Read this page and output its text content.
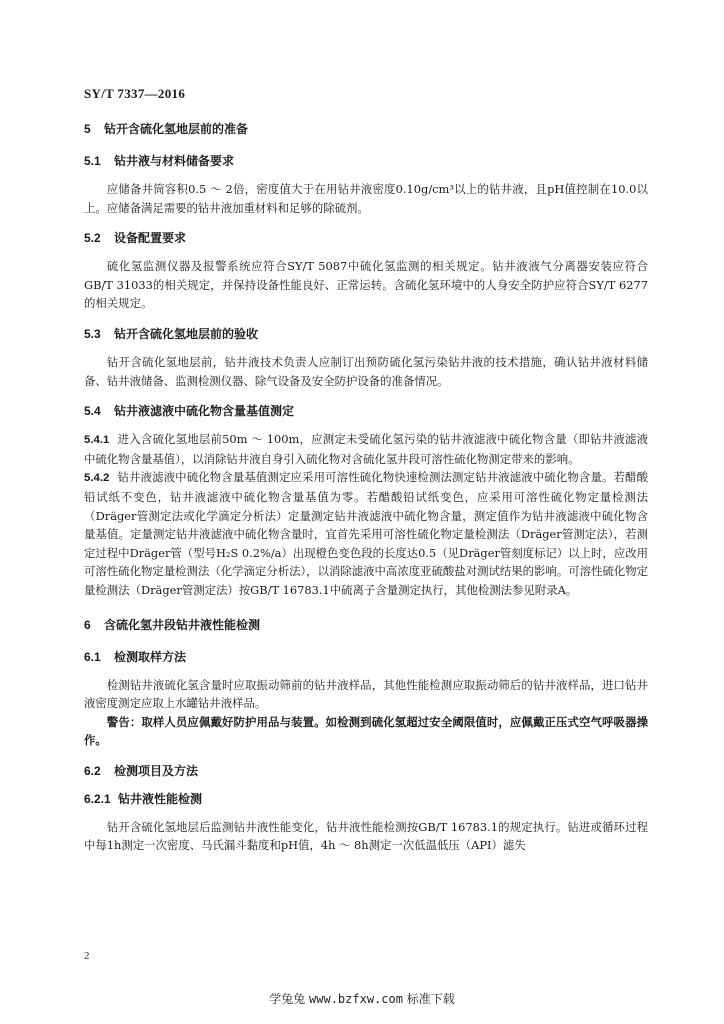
SY/T 7337—2016
5 钻开含硫化氢地层前的准备
5.1 钻井液与材料储备要求

应储备井筒容积0.5 ～ 2倍，密度值大于在用钻井液密度0.10g/cm³以上的钻井液，且pH值控制在10.0以上。应储备满足需要的钻井液加重材料和足够的除硫剂。

5.2 设备配置要求

硫化氢监测仪器及报警系统应符合SY/T 5087中硫化氢监测的相关规定。钻井液液气分离器安装应符合GB/T 31033的相关规定，并保持设备性能良好、正常运转。含硫化氢环境中的人身安全防护应符合SY/T 6277的相关规定。

5.3 钻开含硫化氢地层前的验收

钻开含硫化氢地层前，钻井液技术负责人应制订出预防硫化氢污染钻井液的技术措施，确认钻井液材料储备、钻井液储备、监测检测仪器、除气设备及安全防护设备的准备情况。

5.4 钻井液滤液中硫化物含量基值测定

5.4.1 进入含硫化氢地层前50m ～ 100m，应测定未受硫化氢污染的钻井液滤液中硫化物含量（即钻井液滤液中硫化物含量基值），以消除钻井液自身引入硫化物对含硫化氢井段可溶性硫化物测定带来的影响。

5.4.2 钻井液滤液中硫化物含量基值测定应采用可溶性硫化物快速检测法测定钻井液滤液中硫化物含量。若醋酸铅试纸不变色，钻井液滤液中硫化物含量基值为零。若醋酸铅试纸变色，应采用可溶性硫化物定量检测法（Dräger管测定法或化学滴定分析法）定量测定钻井液滤液中硫化物含量，测定值作为钻井液滤液中硫化物含量基值。定量测定钻井液滤液中硫化物含量时，宜首先采用可溶性硫化物定量检测法（Dräger管测定法），若测定过程中Dräger管（型号H₂S 0.2%/a）出现橙色变色段的长度达0.5（见Dräger管刻度标记）以上时，应改用可溶性硫化物定量检测法（化学滴定分析法），以消除滤液中高浓度亚硫酸盐对测试结果的影响。可溶性硫化物定量检测法（Dräger管测定法）按GB/T 16783.1中硫离子含量测定执行，其他检测法参见附录A。

6 含硫化氢井段钻井液性能检测
6.1 检测取样方法

检测钻井液硫化氢含量时应取振动筛前的钻井液样品，其他性能检测应取振动筛后的钻井液样品，进口钻井液密度测定应取上水罐钻井液样品。

警告：取样人员应佩戴好防护用品与装置。如检测到硫化氢超过安全阈限值时，应佩戴正压式空气呼吸器操作。

6.2 检测项目及方法
6.2.1 钻井液性能检测

钻开含硫化氢地层后监测钻井液性能变化，钻井液性能检测按GB/T 16783.1的规定执行。钻进或循环过程中每1h测定一次密度、马氏漏斗黏度和pH值，4h ～ 8h测定一次低温低压（API）滤失

2
学兔兔 www.bzfxw.com 标准下载
